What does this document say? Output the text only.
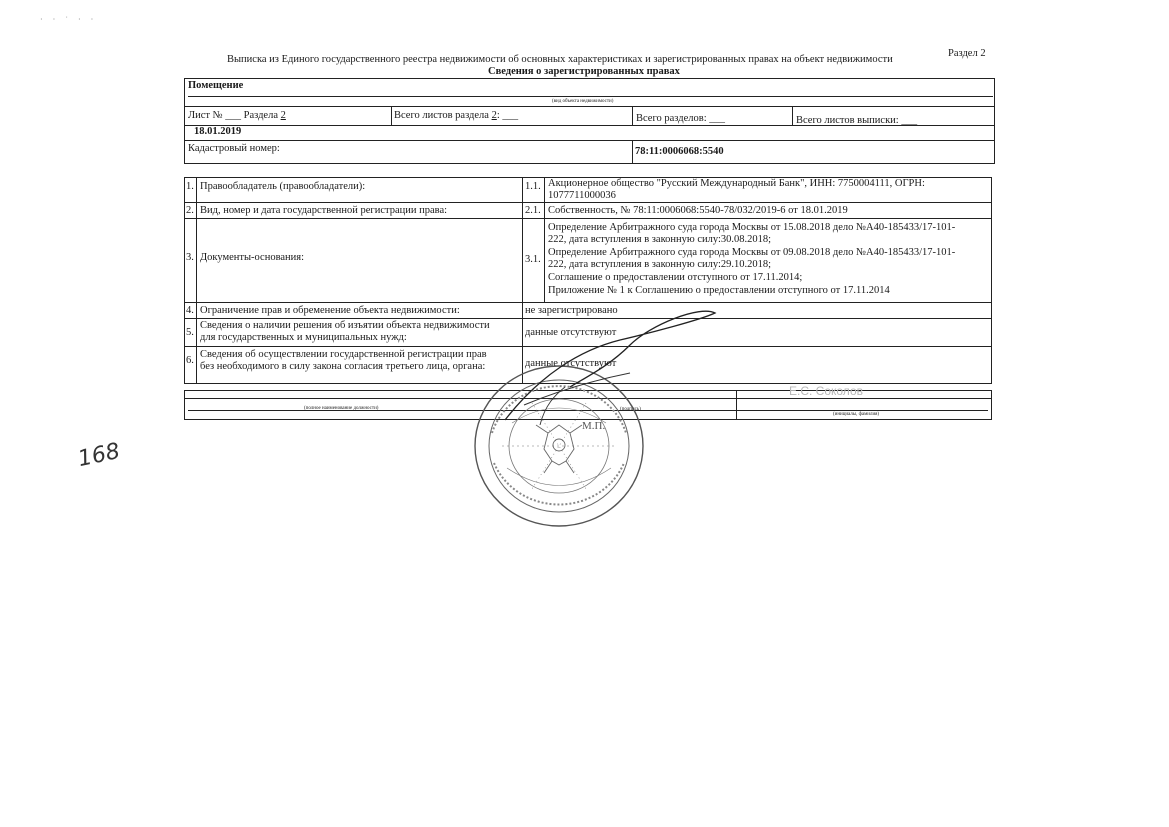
· · ˙ · ·
Раздел 2
Выписка из Единого государственного реестра недвижимости об основных характеристиках и зарегистрированных правах на объект недвижимости
Сведения о зарегистрированных правах
Помещение
(вид объекта недвижимости)
Лист № ___ Раздела 2	Всего листов раздела 2: ___	Всего разделов: ___	Всего листов выписки: ___
18.01.2019
Кадастровый номер:	78:11:0006068:5540
1. Правообладатель (правообладатели):	1.1. Акционерное общество "Русский Международный Банк", ИНН: 7750004111, ОГРН:
1077711000036
2. Вид, номер и дата государственной регистрации права:	2.1. Собственность, № 78:11:0006068:5540-78/032/2019-6 от 18.01.2019
3. Документы-основания:	3.1.
Определение Арбитражного суда города Москвы от 15.08.2018 дело №А40-185433/17-101-
222, дата вступления в законную силу:30.08.2018;
Определение Арбитражного суда города Москвы от 09.08.2018 дело №А40-185433/17-101-
222, дата вступления в законную силу:29.10.2018;
Соглашение о предоставлении отступного от 17.11.2014;
Приложение № 1 к Соглашению о предоставлении отступного от 17.11.2014
4. Ограничение прав и обременение объекта недвижимости:	не зарегистрировано
5.
Сведения о наличии решения об изъятии объекта недвижимости
для государственных и муниципальных нужд:	данные отсутствуют
6.
Сведения об осуществлении государственной регистрации прав
без необходимого в силу закона согласия третьего лица, органа:	данные отсутствуют
(полное наименование должности)	(подпись)
(инициалы, фамилия)
Е.С. Соколов
М.П.
168
